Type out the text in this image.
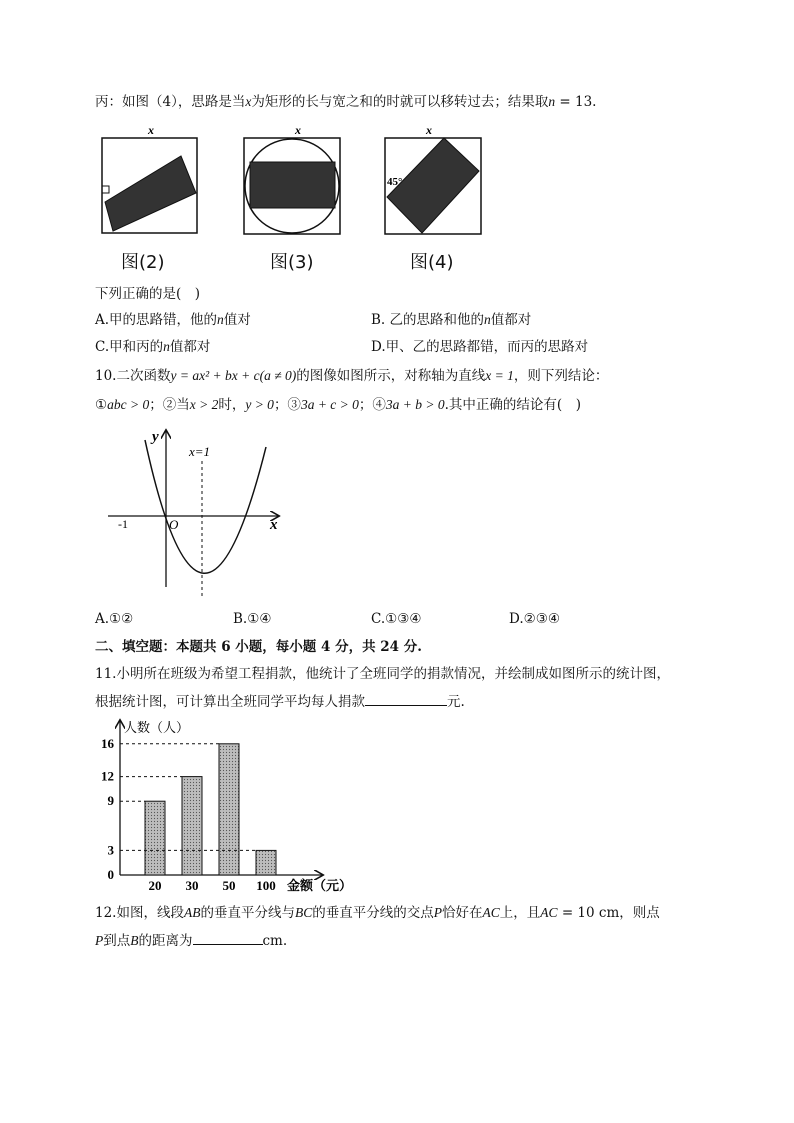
丙：如图（4），思路是当x为矩形的长与宽之和的时就可以移转过去；结果取n = 13.
x	x	x
45°
图(2)	图(3)	图(4)
下列正确的是(　)
A.甲的思路错，他的n值对	B. 乙的思路和他的n值都对
C.甲和丙的n值都对	D.甲、乙的思路都错，而丙的思路对
10.二次函数y = ax² + bx + c(a ≠ 0)的图像如图所示，对称轴为直线x = 1，则下列结论：
①abc > 0；②当x > 2时，y > 0；③3a + c > 0；④3a + b > 0.其中正确的结论有(　)
y
x
O
-1
x=1
A.①②	B.①④	C.①③④	D.②③④
二、填空题：本题共 6 小题，每小题 4 分，共 24 分.
11.小明所在班级为希望工程捐款，他统计了全班同学的捐款情况，并绘制成如图所示的统计图，
根据统计图，可计算出全班同学平均每人捐款	元.
人数（人）
金额（元）
20 30 50 100
0
3
9
12
16
12.如图，线段AB的垂直平分线与BC的垂直平分线的交点P恰好在AC上，且AC = 10 cm，则点
P到点B的距离为	cm.
